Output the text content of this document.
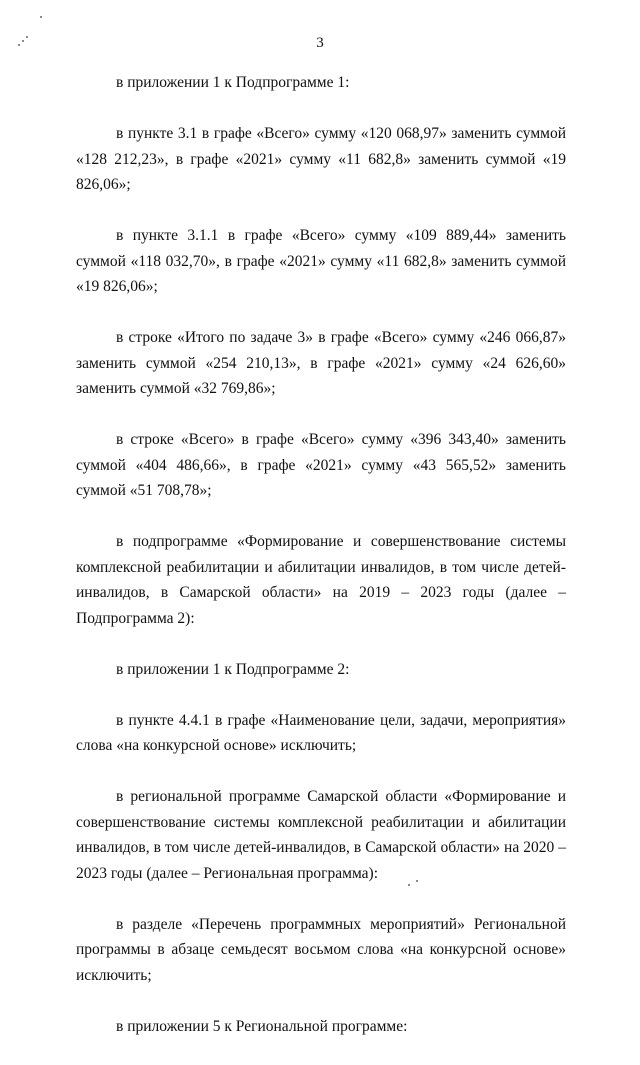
3

в приложении 1 к Подпрограмме 1:

в пункте 3.1 в графе «Всего» сумму «120 068,97» заменить суммой «128 212,23», в графе «2021» сумму «11 682,8» заменить суммой «19 826,06»;

в пункте 3.1.1 в графе «Всего» сумму «109 889,44» заменить суммой «118 032,70», в графе «2021» сумму «11 682,8» заменить суммой «19 826,06»;

в строке «Итого по задаче 3» в графе «Всего» сумму «246 066,87» заменить суммой «254 210,13», в графе «2021» сумму «24 626,60» заменить суммой «32 769,86»;

в строке «Всего» в графе «Всего» сумму «396 343,40» заменить суммой «404 486,66», в графе «2021» сумму «43 565,52» заменить суммой «51 708,78»;

в подпрограмме «Формирование и совершенствование системы комплексной реабилитации и абилитации инвалидов, в том числе детей-инвалидов, в Самарской области» на 2019 – 2023 годы (далее – Подпрограмма 2):

в приложении 1 к Подпрограмме 2:

в пункте 4.4.1 в графе «Наименование цели, задачи, мероприятия» слова «на конкурсной основе» исключить;

в региональной программе Самарской области «Формирование и совершенствование системы комплексной реабилитации и абилитации инвалидов, в том числе детей-инвалидов, в Самарской области» на 2020 – 2023 годы (далее – Региональная программа):

в разделе «Перечень программных мероприятий» Региональной программы в абзаце семьдесят восьмом слова «на конкурсной основе» исключить;

в приложении 5 к Региональной программе:
